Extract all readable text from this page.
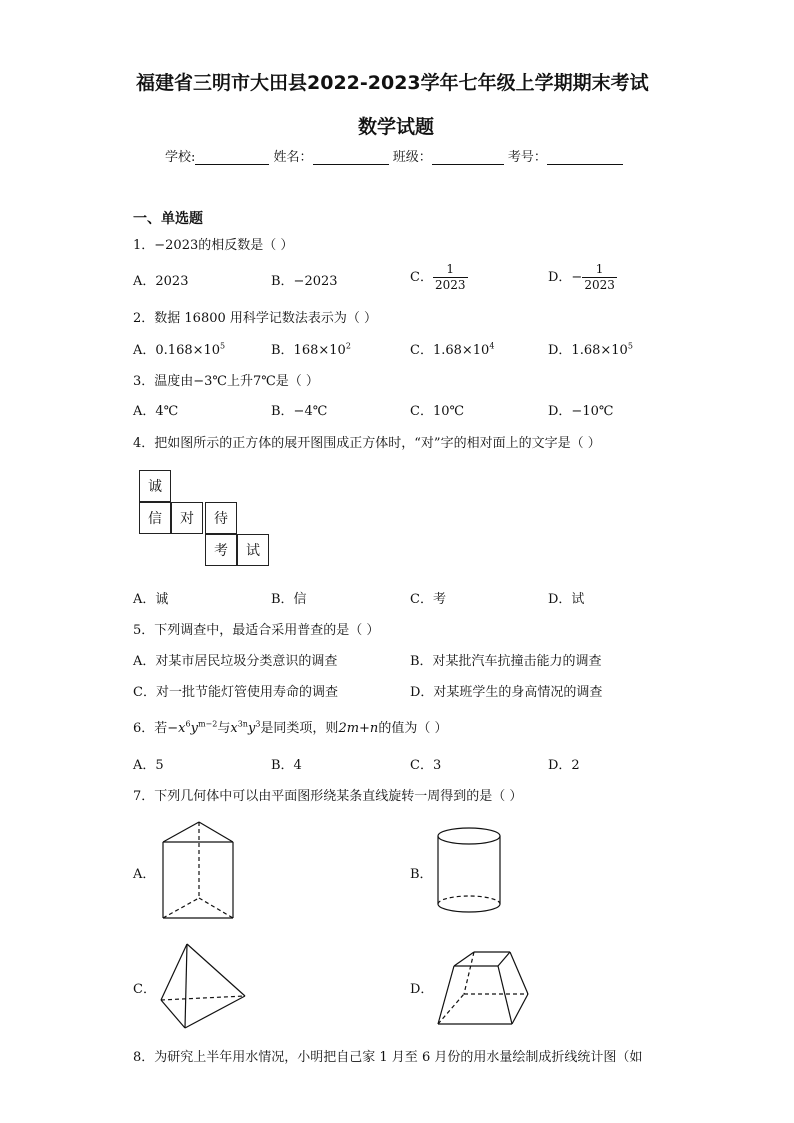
福建省三明市大田县2022-2023学年七年级上学期期末考试
数学试题
学校:	姓名：	班级：	考号：
一、单选题
1．−2023的相反数是（ ）
A．2023	B．−2023	C． $\frac{1}{2023}$	D．− $\frac{1}{2023}$
2．数据 16800 用科学记数法表示为（ ）
A．$0.168\times 10^5$	B．$168\times 10^2$	C．$1.68\times 10^4$	D．$1.68\times 10^5$
3．温度由−3℃上升7℃是（ ）
A．4℃	B．−4℃	C．10℃	D．−10℃
4．把如图所示的正方体的展开图围成正方体时，“对”字的相对面上的文字是（ ）
诚
信	对	待
考	试
A．诚	B．信	C．考	D．试
5．下列调查中，最适合采用普查的是（ ）
A．对某市居民垃圾分类意识的调查	B．对某批汽车抗撞击能力的调查
C．对一批节能灯管使用寿命的调查	D．对某班学生的身高情况的调查
6．若$-x^6y^{m-2}$与$x^{3n}y^3$是同类项，则2m+n的值为（ ）
A．5	B．4	C．3	D．2
7．下列几何体中可以由平面图形绕某条直线旋转一周得到的是（ ）
A．	B．
C．	D．
8．为研究上半年用水情况，小明把自己家 1 月至 6 月份的用水量绘制成折线统计图（如
